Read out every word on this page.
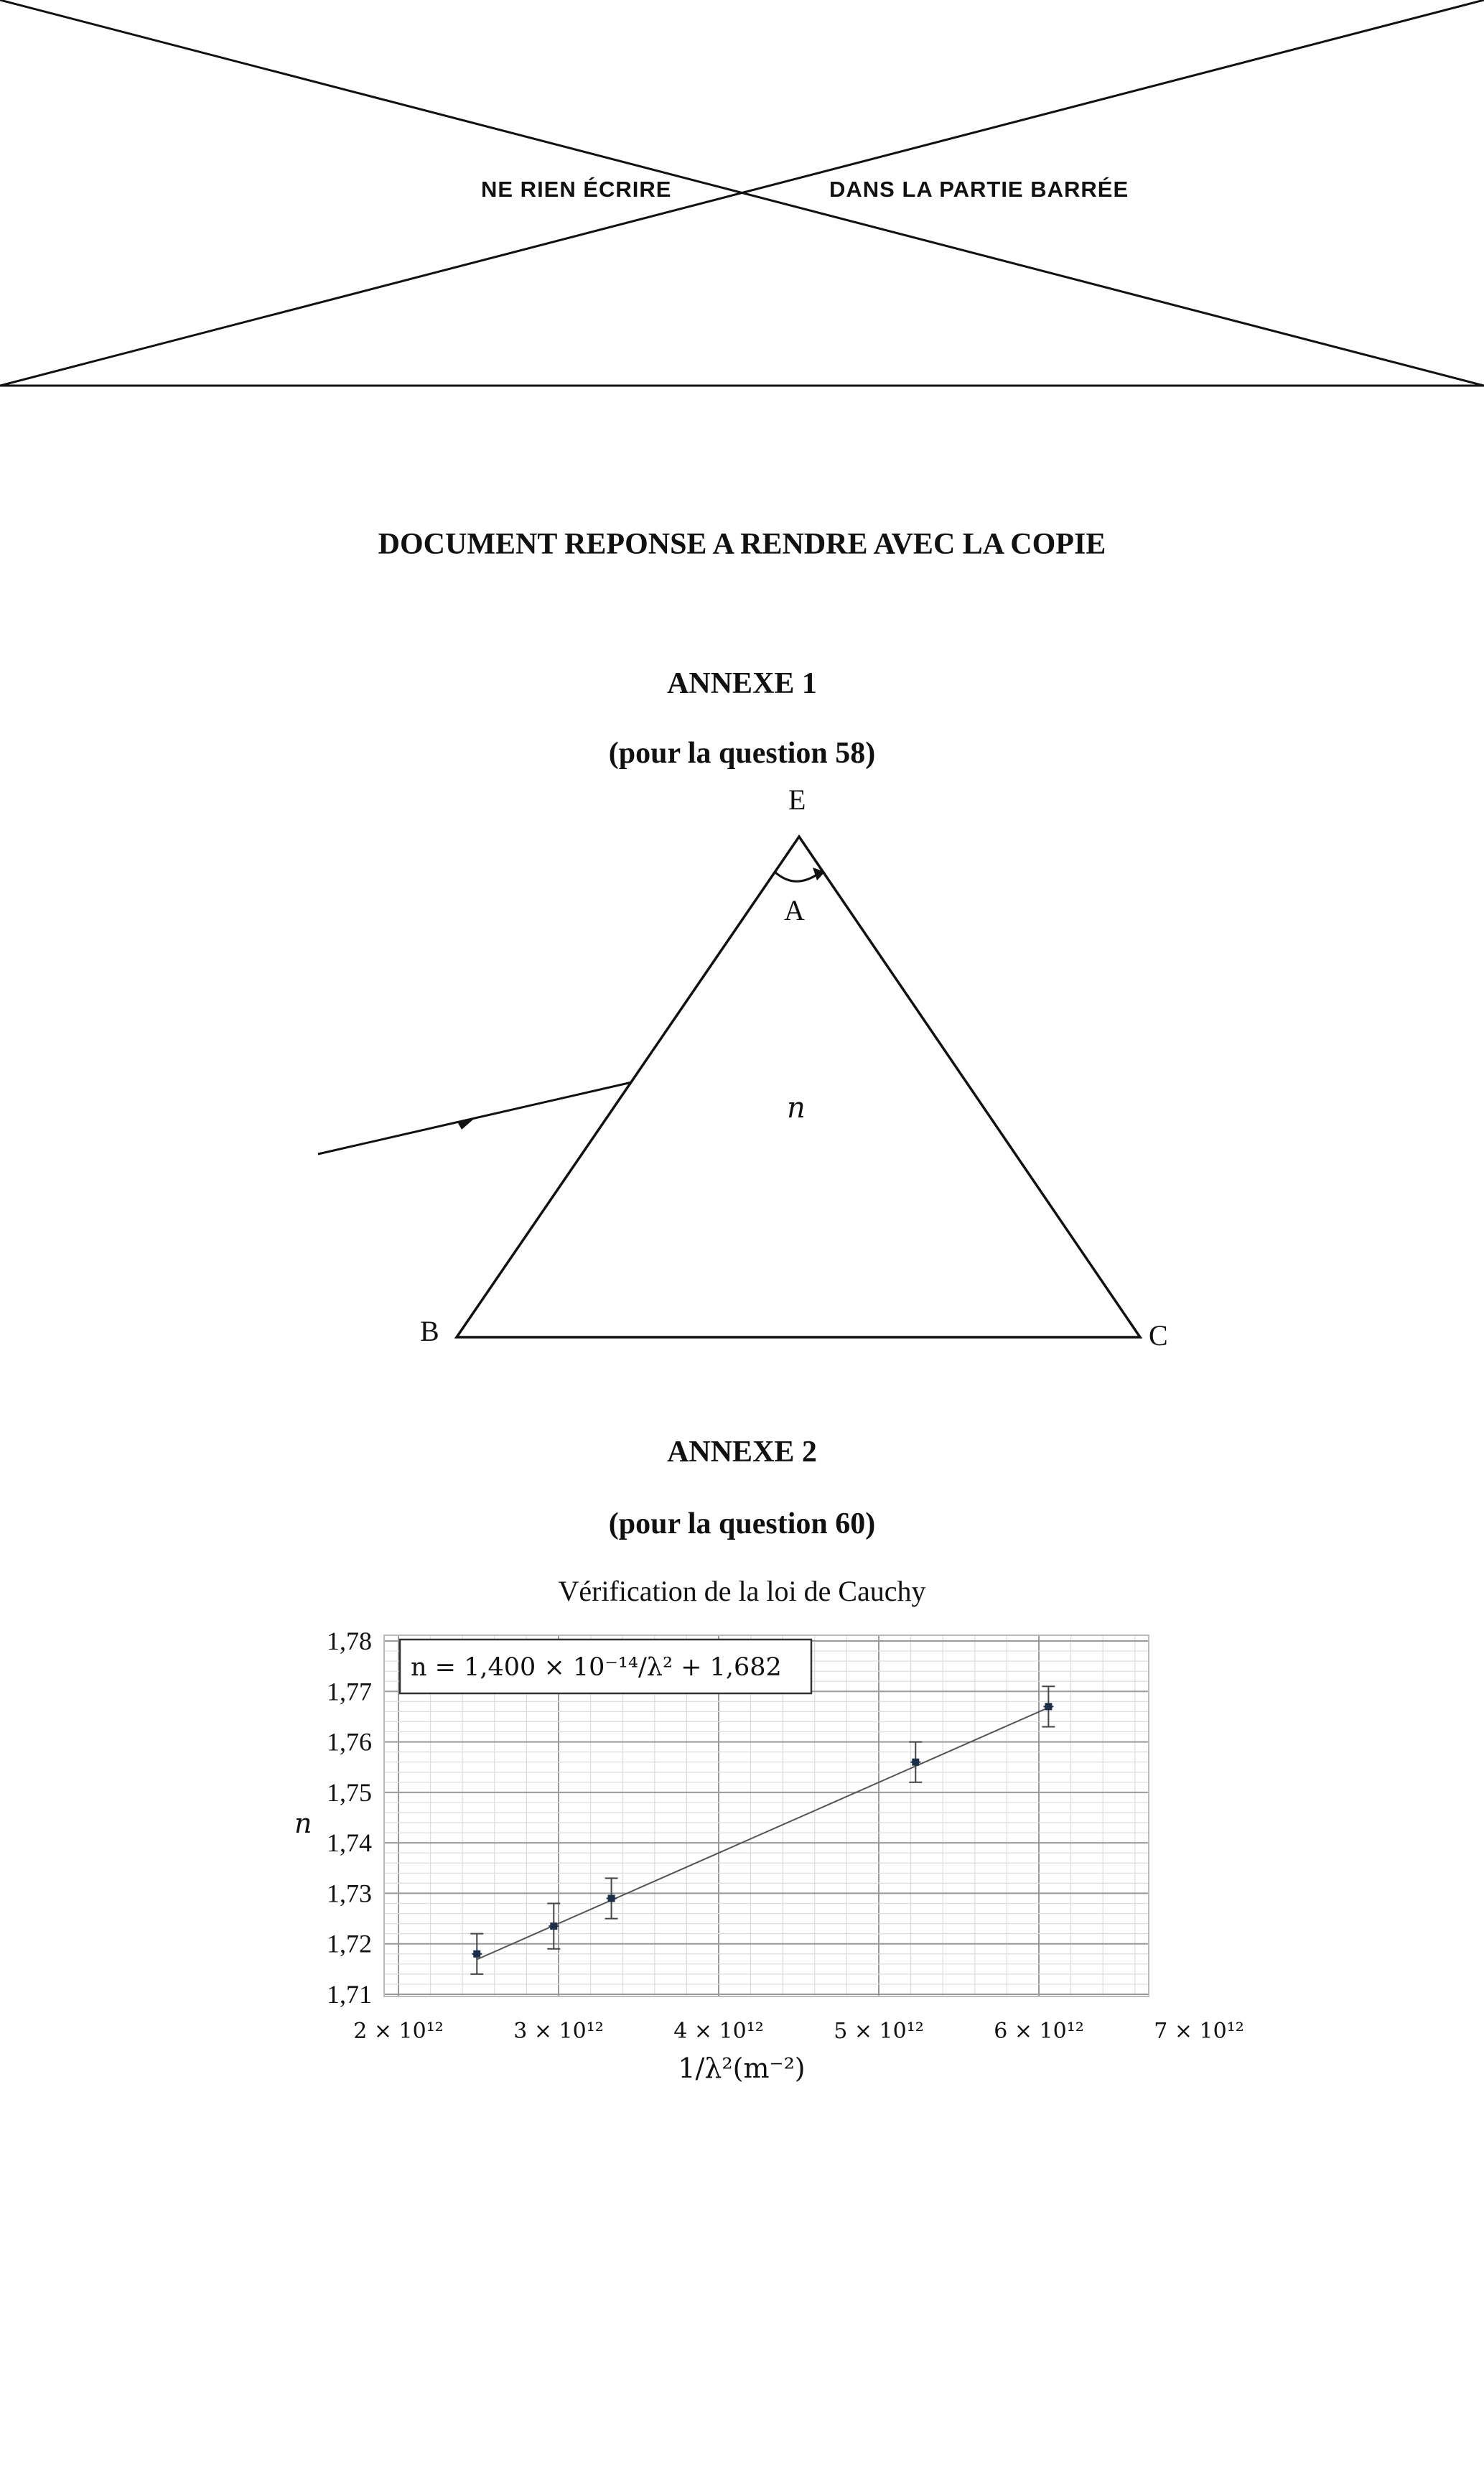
NE RIEN ÉCRIRE	DANS LA PARTIE BARRÉE
DOCUMENT REPONSE A RENDRE AVEC LA COPIE
ANNEXE 1
(pour la question 58)
E
A
n
B	C
ANNEXE 2
(pour la question 60)
Vérification de la loi de Cauchy
1,78
1,77
1,76
1,75
1,74
1,73
1,72
1,71
2 × 10¹²	3 × 10¹²	4 × 10¹²	5 × 10¹²	6 × 10¹²	7 × 10¹²
n = 1,400 × 10⁻¹⁴/λ² + 1,682
n
1/λ²(m⁻²)
